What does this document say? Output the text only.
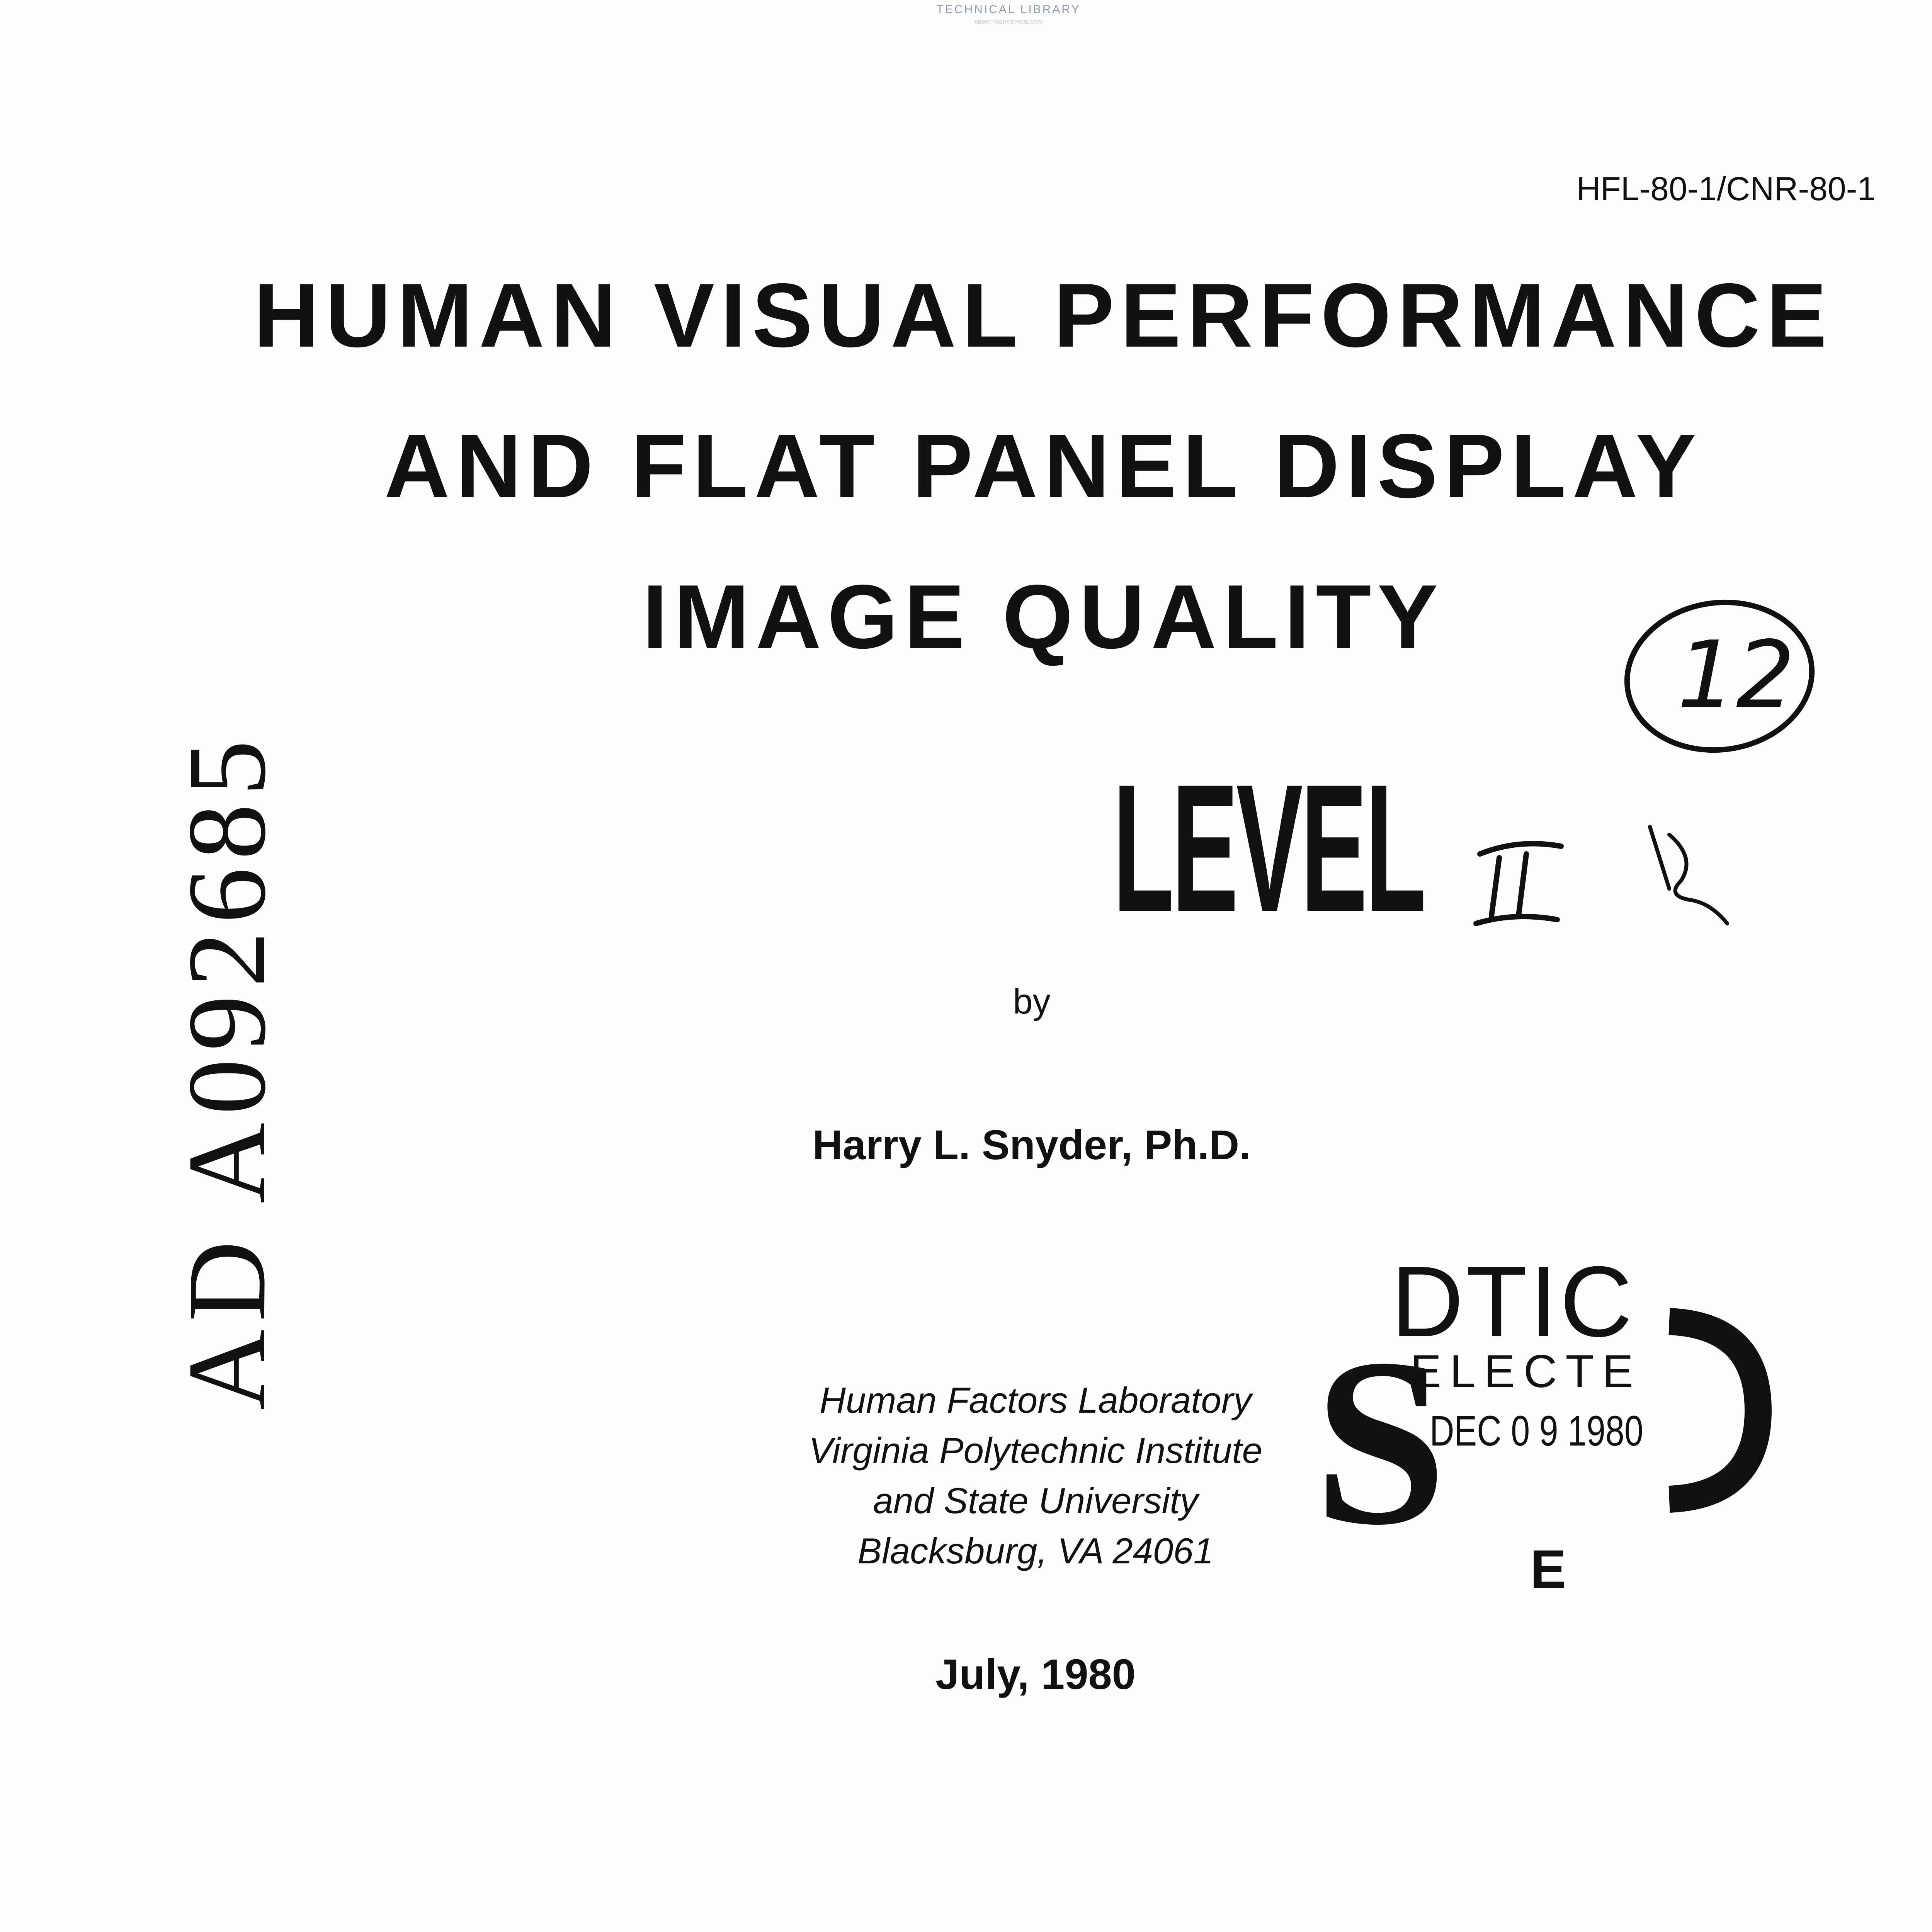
TECHNICAL LIBRARY
ABBOTTAEROSPACE.COM
HFL-80-1/CNR-80-1
HUMAN VISUAL PERFORMANCE
AND FLAT PANEL DISPLAY
IMAGE QUALITY
12
LEVEL
AD A092685	by
Harry L. Snyder, Ph.D.
Human Factors Laboratory
Virginia Polytechnic Institute
and State University
Blacksburg, VA 24061 S
DTIC
ELECTE
DEC 0 9 1980
E
July, 1980
